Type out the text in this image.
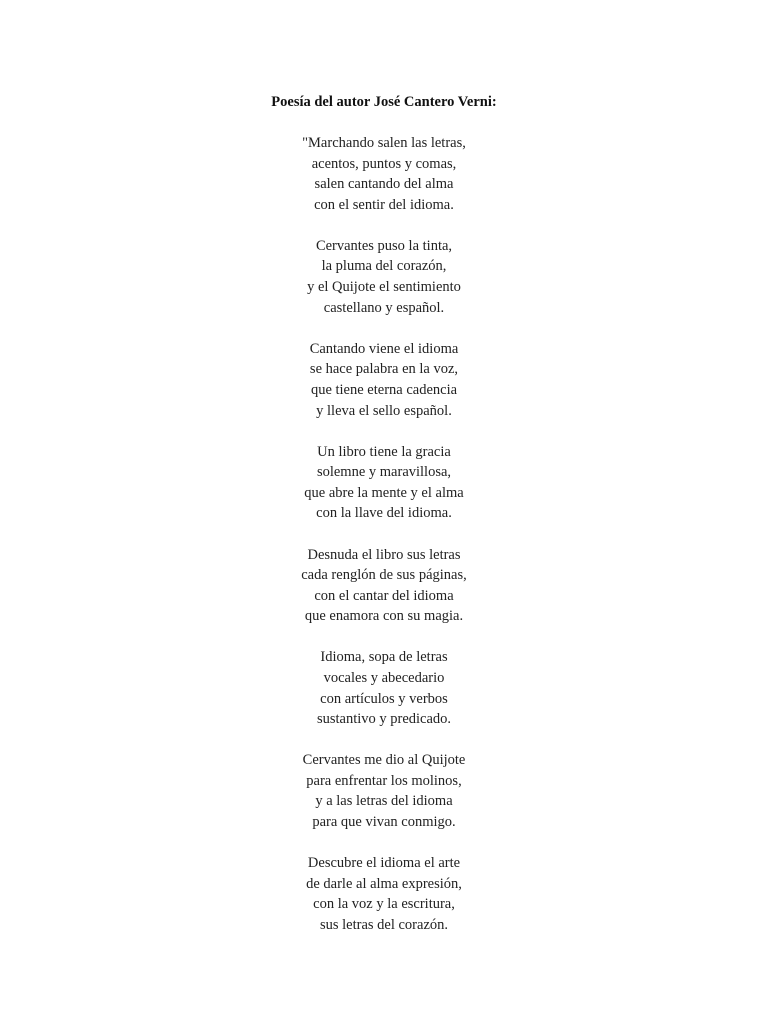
Poesía del autor José Cantero Verni:
"Marchando salen las letras,
acentos, puntos y comas,
salen cantando del alma
con el sentir del idioma.
Cervantes puso la tinta,
la pluma del corazón,
y el Quijote el sentimiento
castellano y español.
Cantando viene el idioma
se hace palabra en la voz,
que tiene eterna cadencia
y lleva el sello español.
Un libro tiene la gracia
solemne y maravillosa,
que abre la mente y el alma
con la llave del idioma.
Desnuda el libro sus letras
cada renglón de sus páginas,
con el cantar del idioma
que enamora con su magia.
Idioma, sopa de letras
vocales y abecedario
con artículos y verbos
sustantivo y predicado.
Cervantes me dio al Quijote
para enfrentar los molinos,
y a las letras del idioma
para que vivan conmigo.
Descubre el idioma el arte
de darle al alma expresión,
con la voz y la escritura,
sus letras del corazón.
